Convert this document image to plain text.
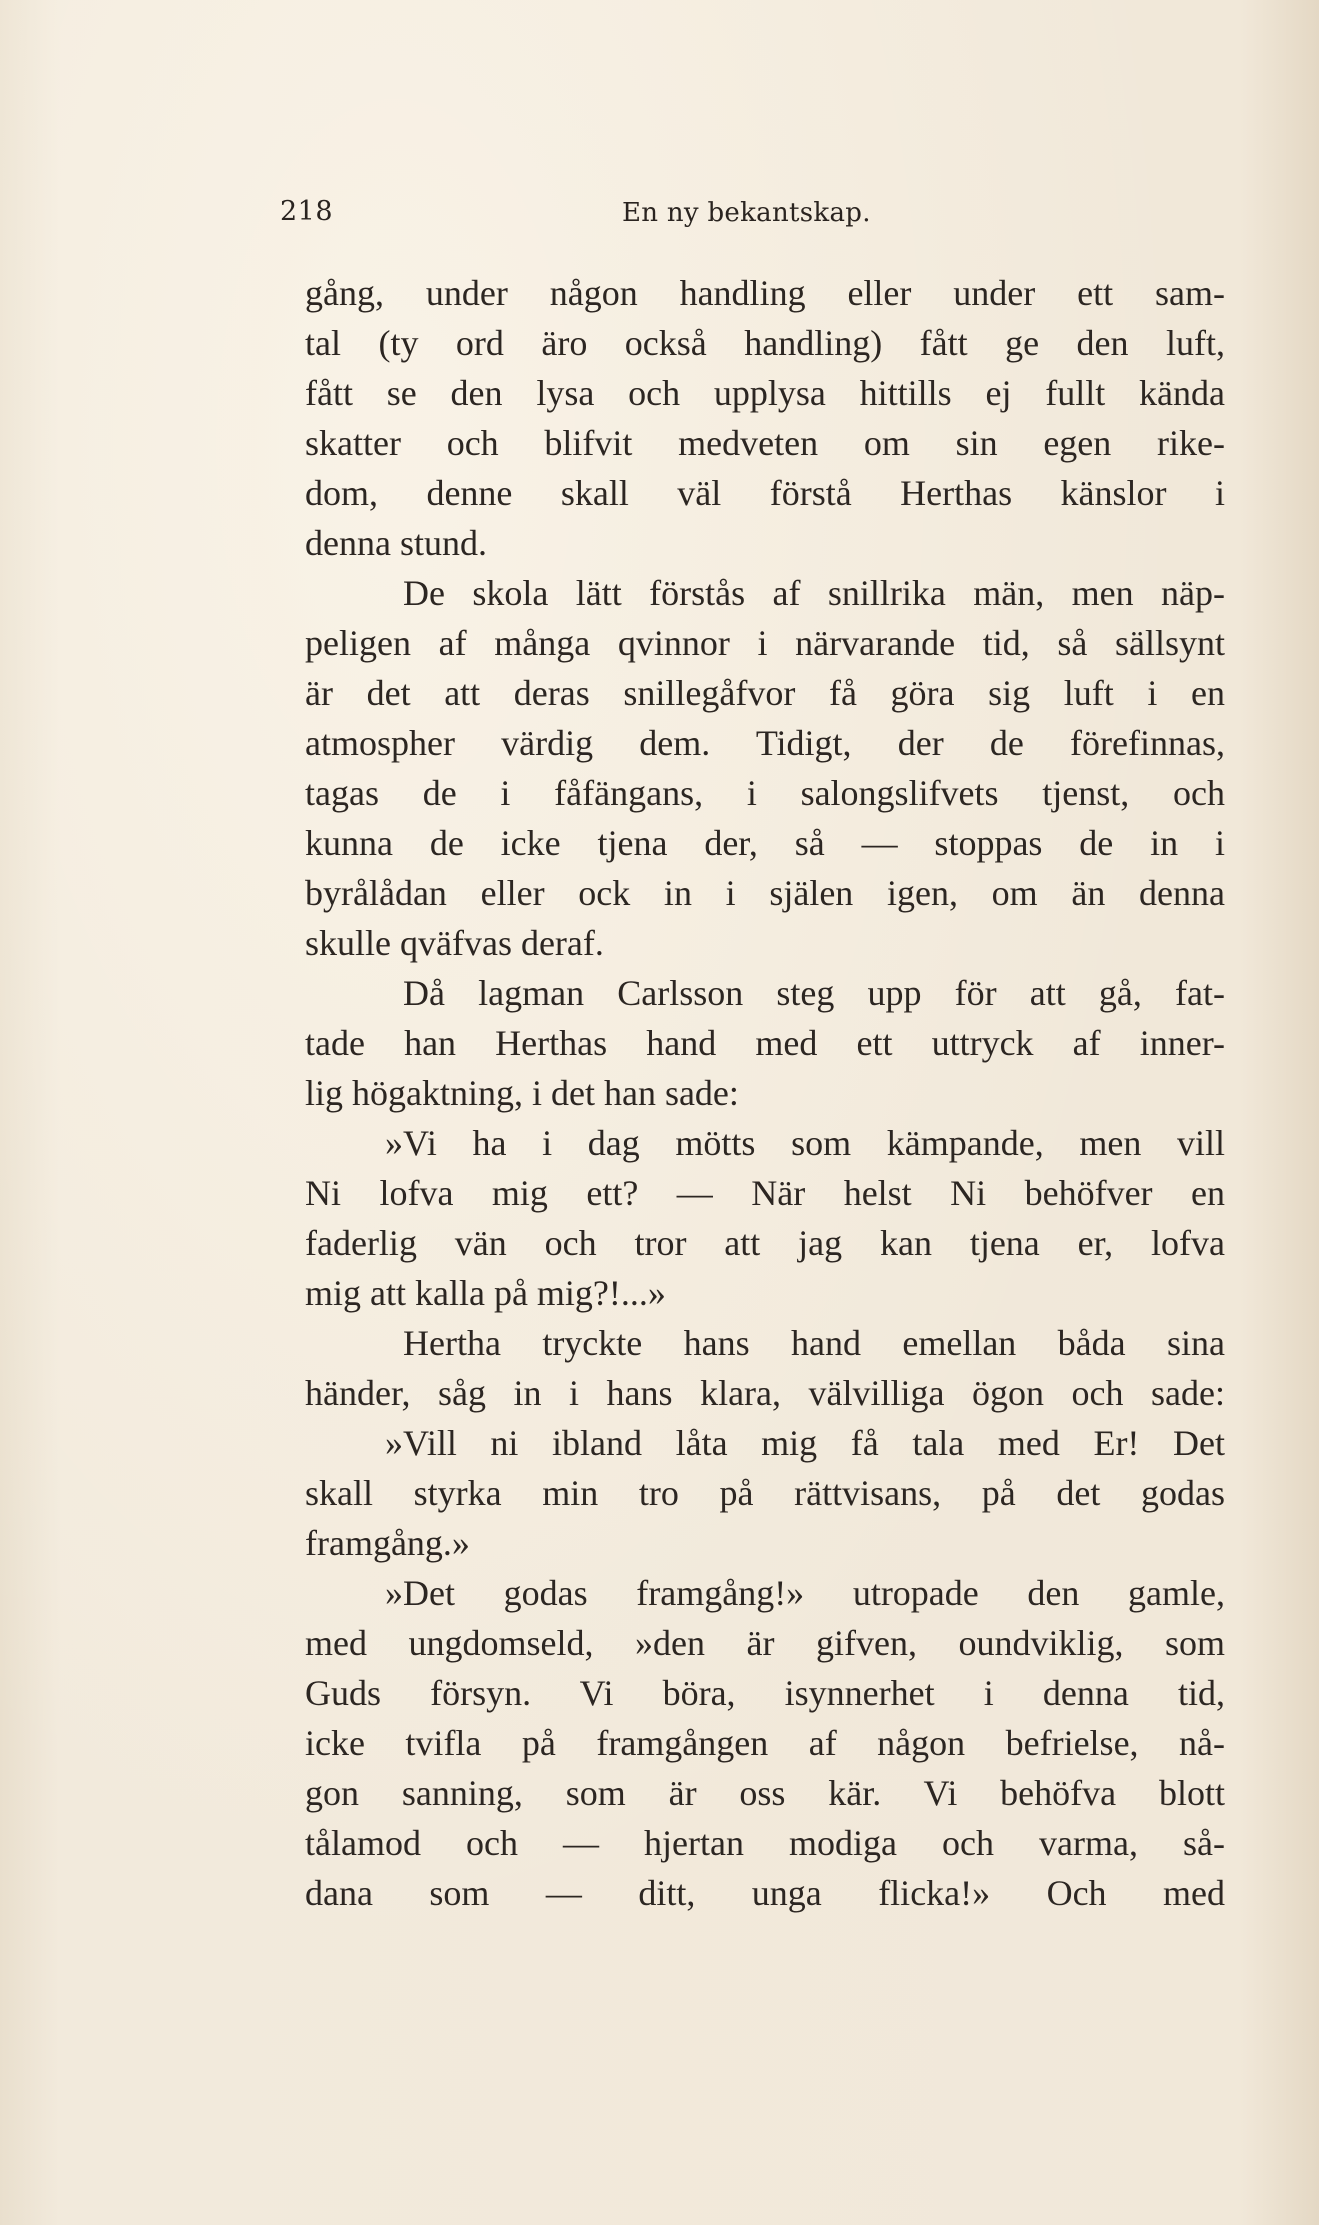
218	En ny bekantskap.
gång, under någon handling eller under ett sam-
tal (ty ord äro också handling) fått ge den luft,
fått se den lysa och upplysa hittills ej fullt kända
skatter och blifvit medveten om sin egen rike-
dom, denne skall väl förstå Herthas känslor i
denna stund.
De skola lätt förstås af snillrika män, men näp-
peligen af många qvinnor i närvarande tid, så sällsynt
är det att deras snillegåfvor få göra sig luft i en
atmospher värdig dem. Tidigt, der de förefinnas,
tagas de i fåfängans, i salongslifvets tjenst, och
kunna de icke tjena der, så — stoppas de in i
byrålådan eller ock in i själen igen, om än denna
skulle qväfvas deraf.
Då lagman Carlsson steg upp för att gå, fat-
tade han Herthas hand med ett uttryck af inner-
lig högaktning, i det han sade:
»Vi ha i dag mötts som kämpande, men vill
Ni lofva mig ett? — När helst Ni behöfver en
faderlig vän och tror att jag kan tjena er, lofva
mig att kalla på mig?!...»
Hertha tryckte hans hand emellan båda sina
händer, såg in i hans klara, välvilliga ögon och sade:
»Vill ni ibland låta mig få tala med Er! Det
skall styrka min tro på rättvisans, på det godas
framgång.»
»Det godas framgång!» utropade den gamle,
med ungdomseld, »den är gifven, oundviklig, som
Guds försyn. Vi böra, isynnerhet i denna tid,
icke tvifla på framgången af någon befrielse, nå-
gon sanning, som är oss kär. Vi behöfva blott
tålamod och — hjertan modiga och varma, så-
dana som — ditt, unga flicka!» Och med
